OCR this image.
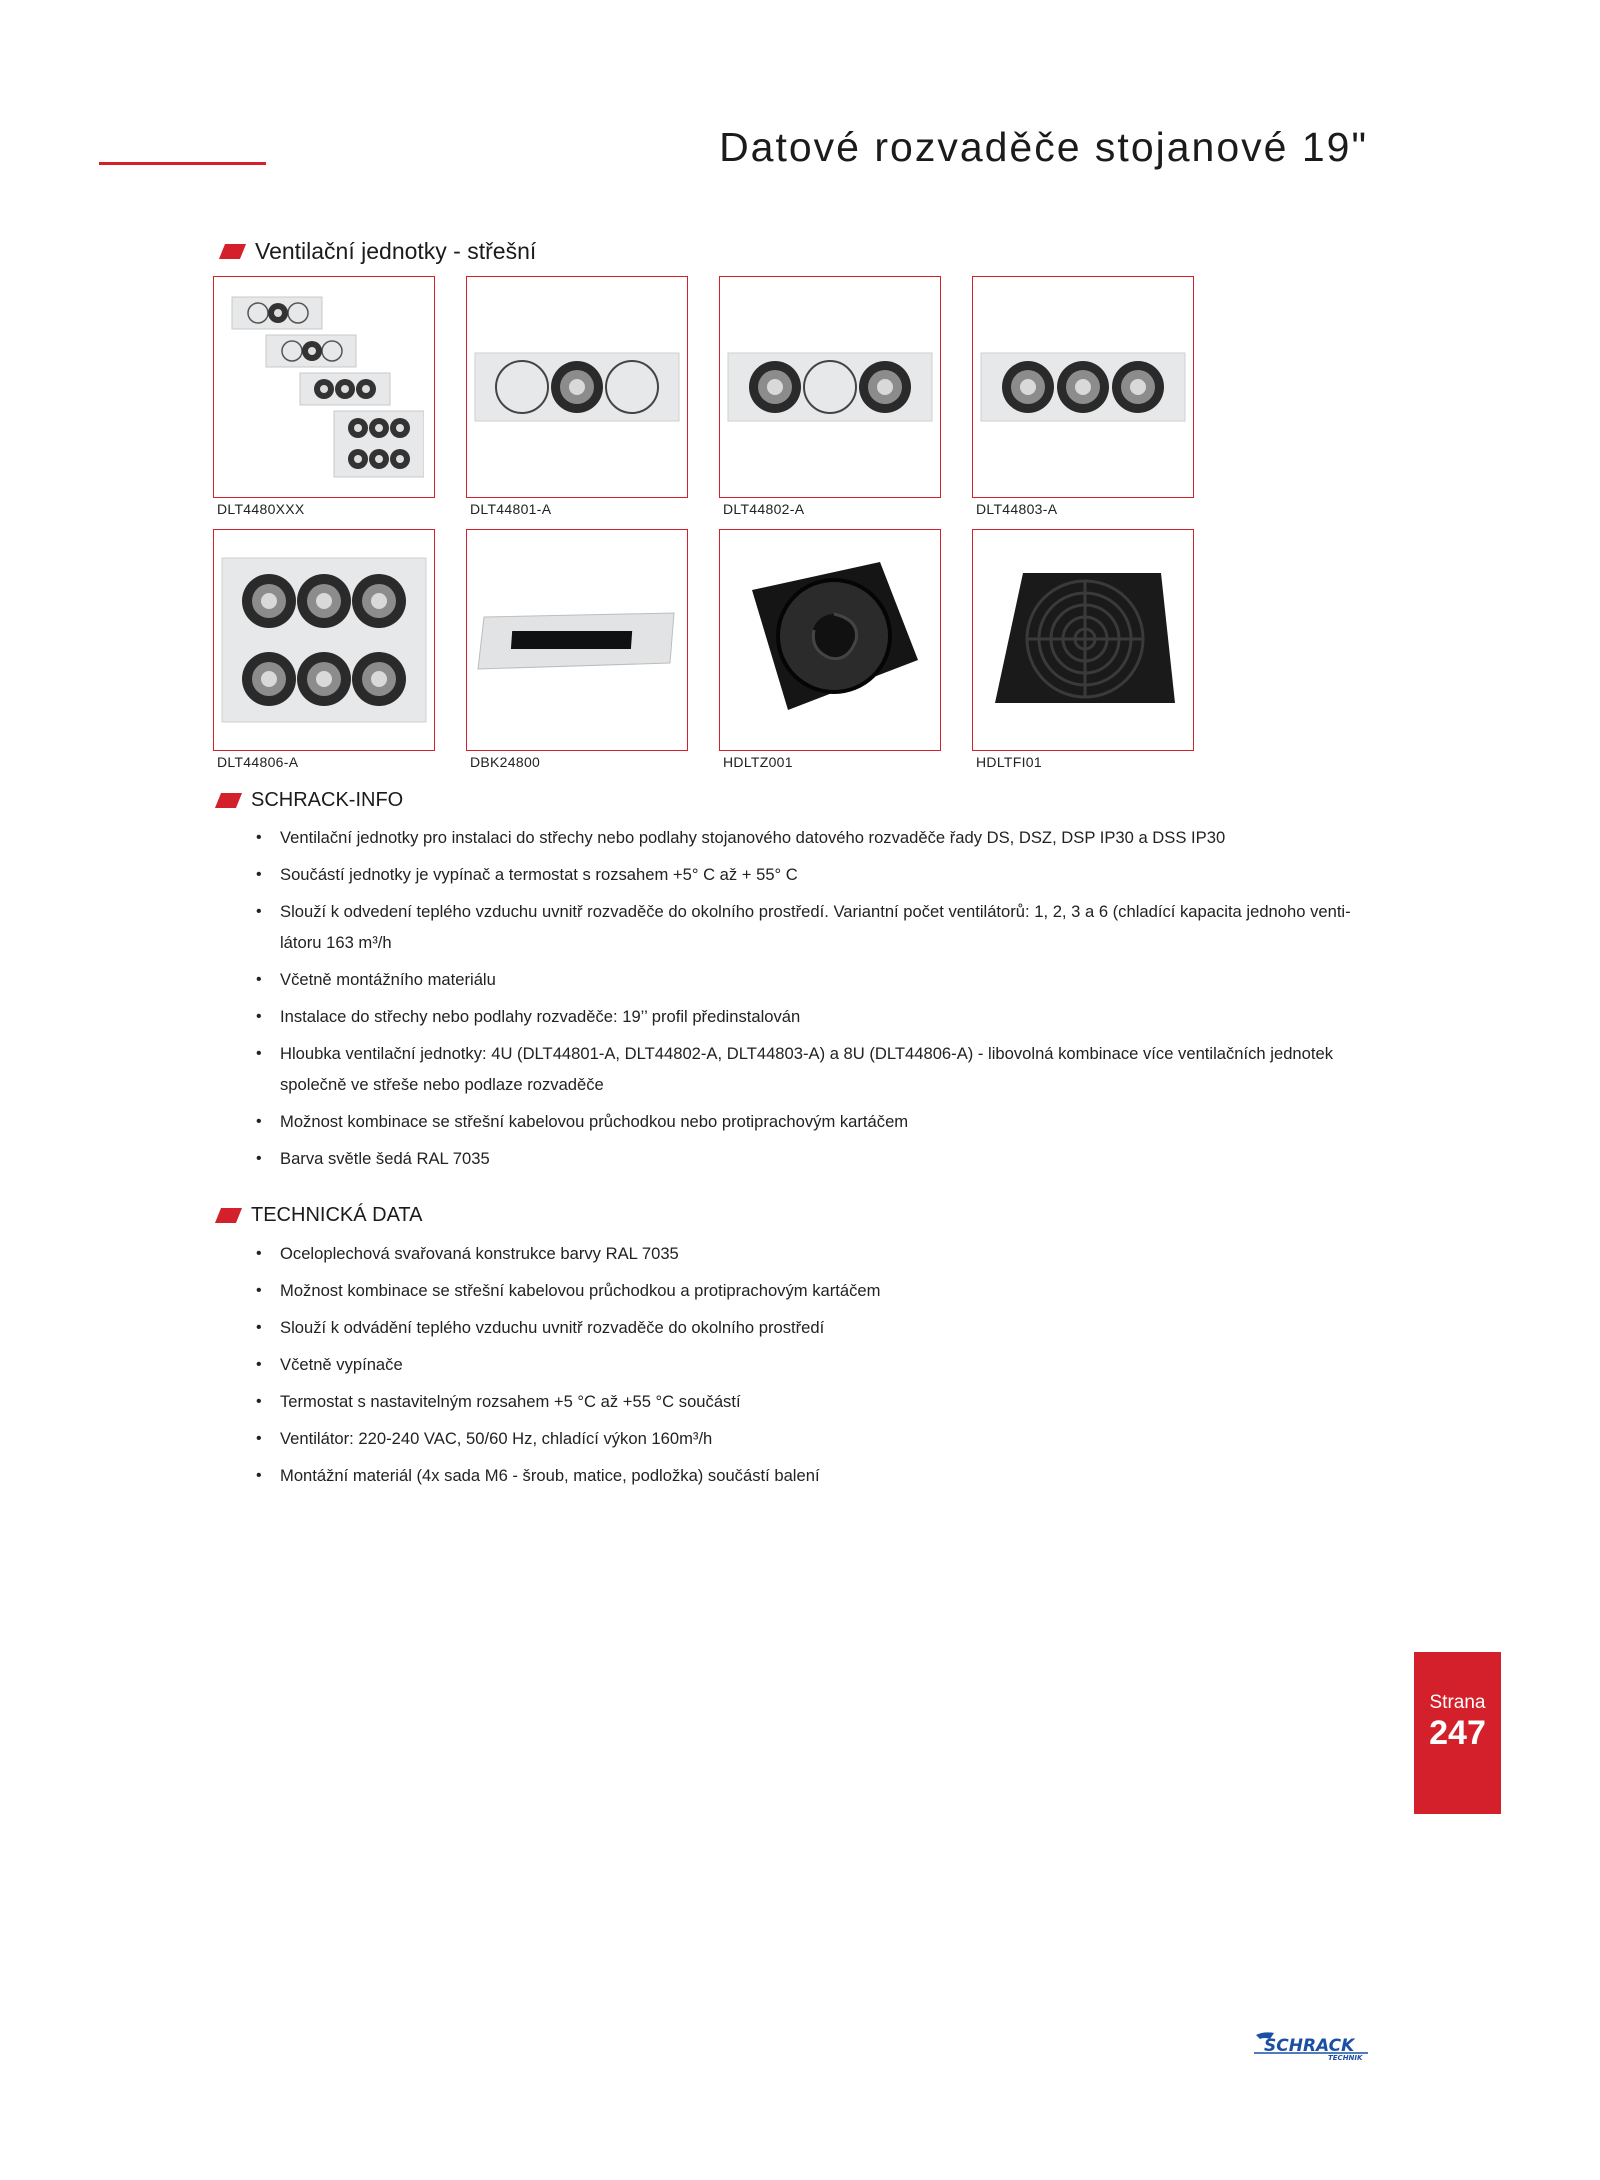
Datové rozvaděče stojanové 19"
Ventilační jednotky - střešní
DLT4480XXX	DLT44801-A	DLT44802-A	DLT44803-A
DLT44806-A	DBK24800	HDLTZ001	HDLTFI01
SCHRACK-INFO
• Ventilační jednotky pro instalaci do střechy nebo podlahy stojanového datového rozvaděče řady DS, DSZ, DSP IP30 a DSS IP30
• Součástí jednotky je vypínač a termostat s rozsahem +5° C až + 55° C
• Slouží k odvedení teplého vzduchu uvnitř rozvaděče do okolního prostředí. Variantní počet ventilátorů: 1, 2, 3 a 6 (chladící kapacita jednoho venti-látoru 163 m³/h
• Včetně montážního materiálu
• Instalace do střechy nebo podlahy rozvaděče: 19’’ profil předinstalován
• Hloubka ventilační jednotky: 4U (DLT44801-A, DLT44802-A, DLT44803-A) a 8U (DLT44806-A) - libovolná kombinace více ventilačních jednotek společně ve střeše nebo podlaze rozvaděče
• Možnost kombinace se střešní kabelovou průchodkou nebo protiprachovým kartáčem
• Barva světle šedá RAL 7035
TECHNICKÁ DATA
• Oceloplechová svařovaná konstrukce barvy RAL 7035
• Možnost kombinace se střešní kabelovou průchodkou a protiprachovým kartáčem
• Slouží k odvádění teplého vzduchu uvnitř rozvaděče do okolního prostředí
• Včetně vypínače
• Termostat s nastavitelným rozsahem +5 °C až +55 °C součástí
• Ventilátor: 220-240 VAC, 50/60 Hz, chladící výkon 160m³/h
• Montážní materiál (4x sada M6 - šroub, matice, podložka) součástí balení
Strana
247
SCHRACK
TECHNIK
